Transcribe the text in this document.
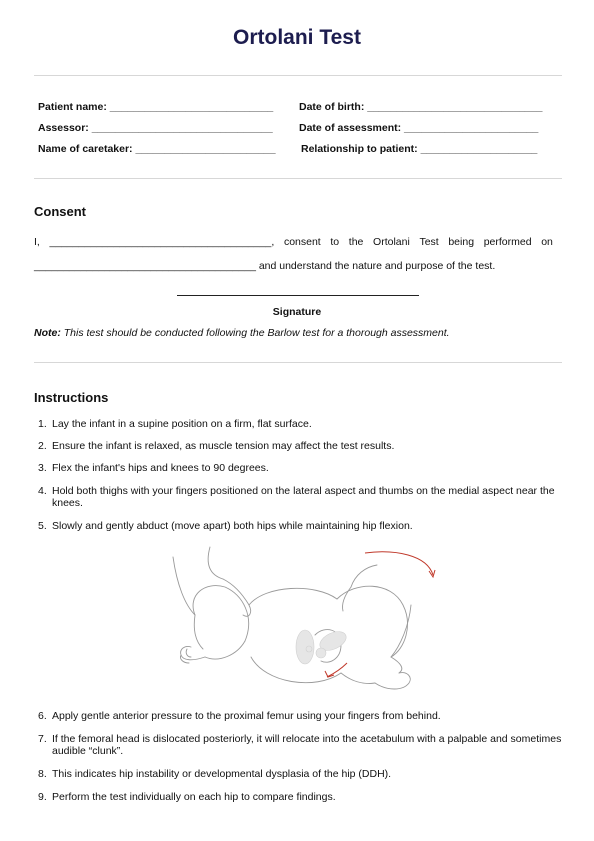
Ortolani Test
Patient name: ____________________________ Date of birth: ______________________________
Assessor: _______________________________	Date of assessment: _______________________
Name of caretaker: ________________________ Relationship to patient: ____________________
Consent
I, ______________________________________, consent to the Ortolani Test being performed on
______________________________________ and understand the nature and purpose of the test.
Signature
Note: This test should be conducted following the Barlow test for a thorough assessment.
Instructions
1. Lay the infant in a supine position on a firm, flat surface.
2. Ensure the infant is relaxed, as muscle tension may affect the test results.
3. Flex the infant's hips and knees to 90 degrees.
4. Hold both thighs with your fingers positioned on the lateral aspect and thumbs on the medial aspect near the knees.
5. Slowly and gently abduct (move apart) both hips while maintaining hip flexion.
6. Apply gentle anterior pressure to the proximal femur using your fingers from behind.
7. If the femoral head is dislocated posteriorly, it will relocate into the acetabulum with a palpable and sometimes audible “clunk”.
8. This indicates hip instability or developmental dysplasia of the hip (DDH).
9. Perform the test individually on each hip to compare findings.
